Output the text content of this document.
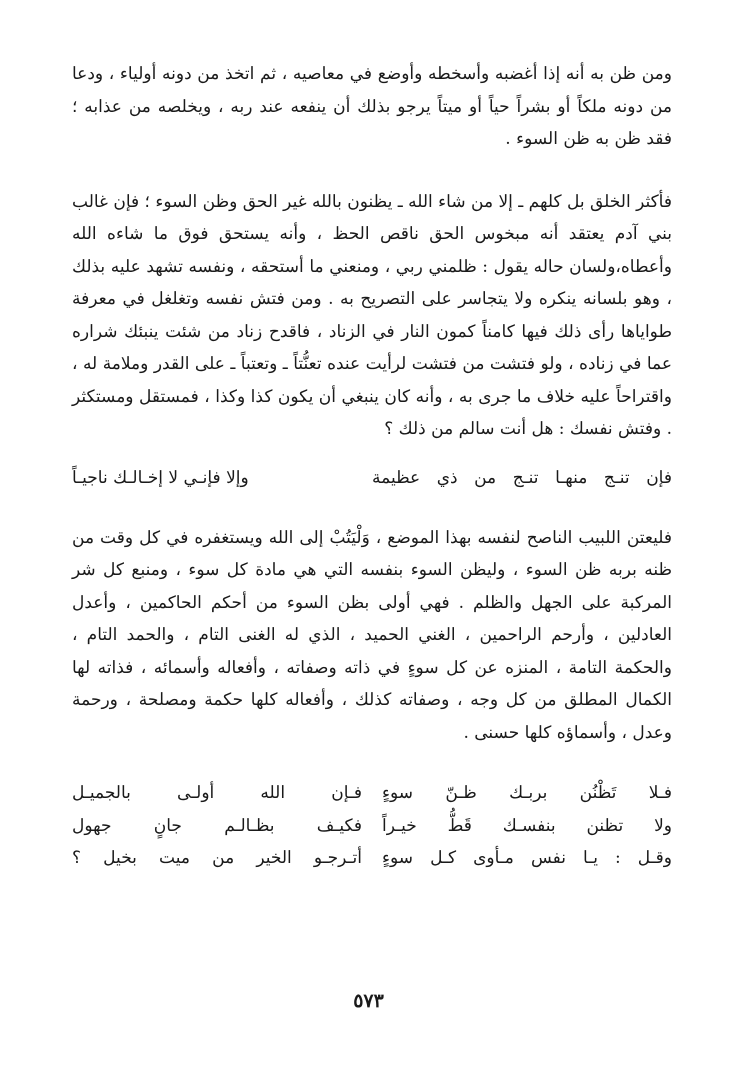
ومن ظن به أنه إذا أغضبه وأسخطه وأوضع في معاصيه ، ثم اتخذ من دونه أولياء ، ودعا من دونه ملكاً أو بشراً حياً أو ميتاً يرجو بذلك أن ينفعه عند ربه ، ويخلصه من عذابه ؛ فقد ظن به ظن السوء .

فأكثر الخلق بل كلهم ـ إلا من شاء الله ـ يظنون بالله غير الحق وظن السوء ؛ فإن غالب بني آدم يعتقد أنه مبخوس الحق ناقص الحظ ، وأنه يستحق فوق ما شاءه الله وأعطاه،ولسان حاله يقول : ظلمني ربي ، ومنعني ما أستحقه ، ونفسه تشهد عليه بذلك ، وهو بلسانه ينكره ولا يتجاسر على التصريح به . ومن فتش نفسه وتغلغل في معرفة طواياها رأى ذلك فيها كامناً كمون النار في الزناد ، فاقدح زناد من شئت ينبئك شراره عما في زناده ، ولو فتشت من فتشت لرأيت عنده تعنُّتاً ـ وتعتباً ـ على القدر وملامة له ، واقتراحاً عليه خلاف ما جرى به ، وأنه كان ينبغي أن يكون كذا وكذا ، فمستقل ومستكثر . وفتش نفسك : هل أنت سالم من ذلك ؟

فإن تنـج منهـا تنـج من ذي عظيمة
وإلا فإنـي لا إخـالـك ناجيـاً

فليعتن اللبيب الناصح لنفسه بهذا الموضع ، وَلْيَتُبْ إلى الله ويستغفره في كل وقت من ظنه بربه ظن السوء ، وليظن السوء بنفسه التي هي مادة كل سوء ، ومنبع كل شر المركبة على الجهل والظلم . فهي أولى بظن السوء من أحكم الحاكمين ، وأعدل العادلين ، وأرحم الراحمين ، الغني الحميد ، الذي له الغنى التام ، والحمد التام ، والحكمة التامة ، المنزه عن كل سوءٍ في ذاته وصفاته ، وأفعاله وأسمائه ، فذاته لها الكمال المطلق من كل وجه ، وصفاته كذلك ، وأفعاله كلها حكمة ومصلحة ، ورحمة وعدل ، وأسماؤه كلها حسنى .

فـلا تَظْنُن بربـك ظـنّ سوءٍ
فـإن الله أولـى بالجميـل
ولا تظنن بنفسـك قَطُّ خيـراً
فكيـف بظـالـم جانٍ جهول
وقـل : يـا نفس مـأوى كـل سوءٍ
أتـرجـو الخير من ميت بخيل ؟
٥٧٣
